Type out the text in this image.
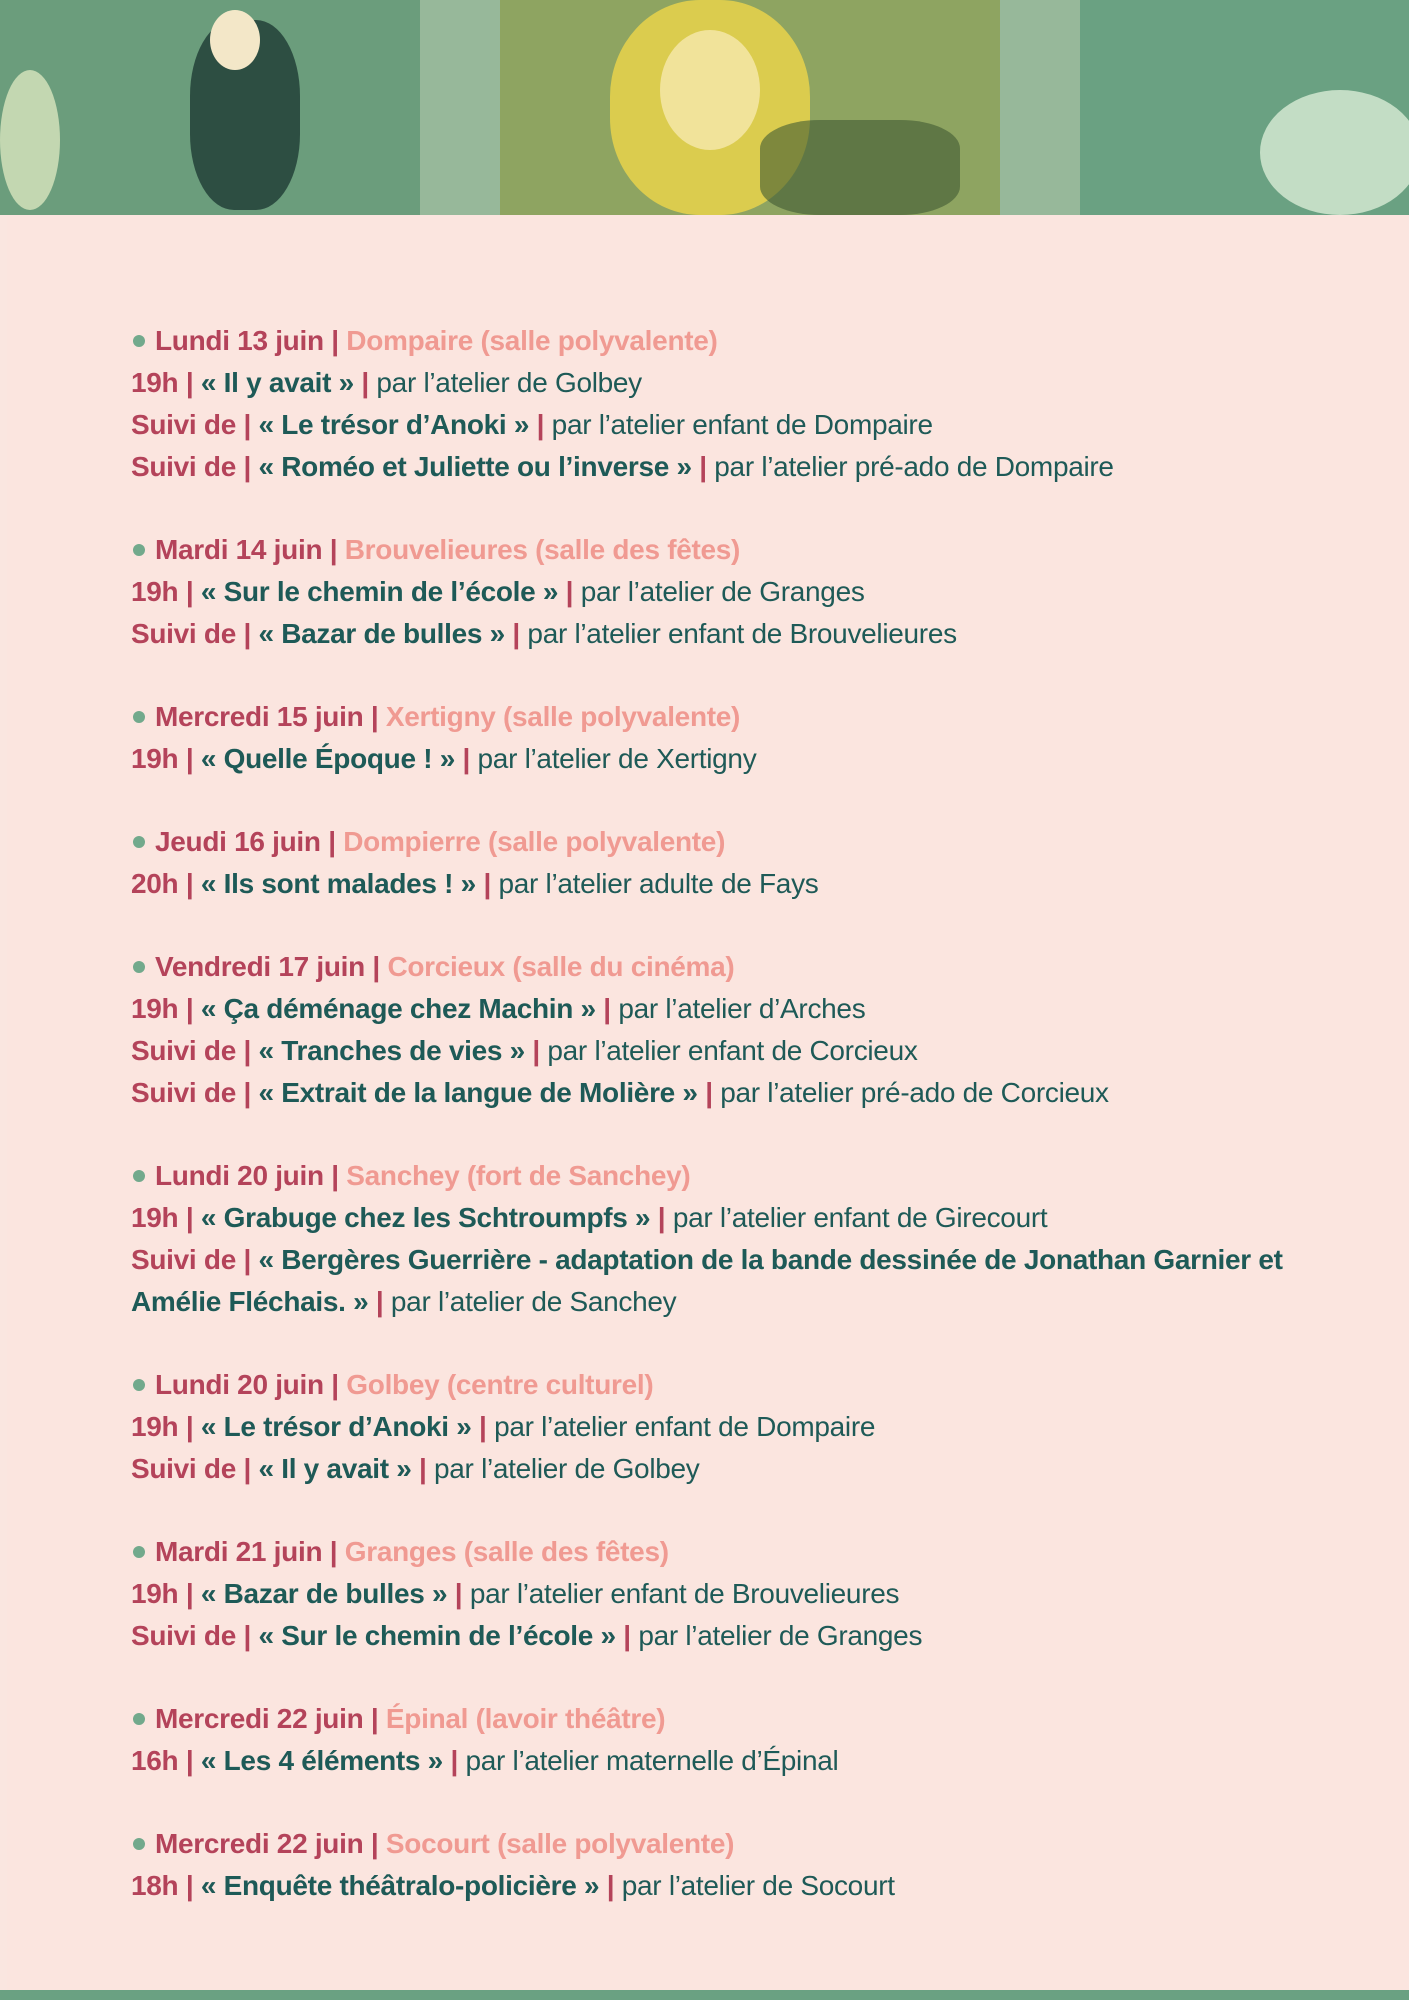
Lundi 13 juin | Dompaire (salle polyvalente)
19h | « Il y avait » | par l’atelier de Golbey
Suivi de | « Le trésor d’Anoki » | par l’atelier enfant de Dompaire
Suivi de | « Roméo et Juliette ou l’inverse » | par l’atelier pré-ado de Dompaire
Mardi 14 juin | Brouvelieures (salle des fêtes)
19h | « Sur le chemin de l’école » | par l’atelier de Granges
Suivi de | « Bazar de bulles » | par l’atelier enfant de Brouvelieures
Mercredi 15 juin | Xertigny (salle polyvalente)
19h | « Quelle Époque ! » | par l’atelier de Xertigny
Jeudi 16 juin | Dompierre (salle polyvalente)
20h | « Ils sont malades ! » | par l’atelier adulte de Fays
Vendredi 17 juin | Corcieux (salle du cinéma)
19h | « Ça déménage chez Machin » | par l’atelier d’Arches
Suivi de | « Tranches de vies » | par l’atelier enfant de Corcieux
Suivi de | « Extrait de la langue de Molière » | par l’atelier pré-ado de Corcieux
Lundi 20 juin | Sanchey (fort de Sanchey)
19h | « Grabuge chez les Schtroumpfs » | par l’atelier enfant de Girecourt
Suivi de | « Bergères Guerrière - adaptation de la bande dessinée de Jonathan Garnier et Amélie Fléchais. » | par l’atelier de Sanchey
Lundi 20 juin | Golbey (centre culturel)
19h | « Le trésor d’Anoki » | par l’atelier enfant de Dompaire
Suivi de | « Il y avait » | par l’atelier de Golbey
Mardi 21 juin | Granges (salle des fêtes)
19h | « Bazar de bulles » | par l’atelier enfant de Brouvelieures
Suivi de | « Sur le chemin de l’école » | par l’atelier de Granges
Mercredi 22 juin | Épinal (lavoir théâtre)
16h | « Les 4 éléments » | par l’atelier maternelle d’Épinal
Mercredi 22 juin | Socourt (salle polyvalente)
18h | « Enquête théâtralo-policière » | par l’atelier de Socourt
